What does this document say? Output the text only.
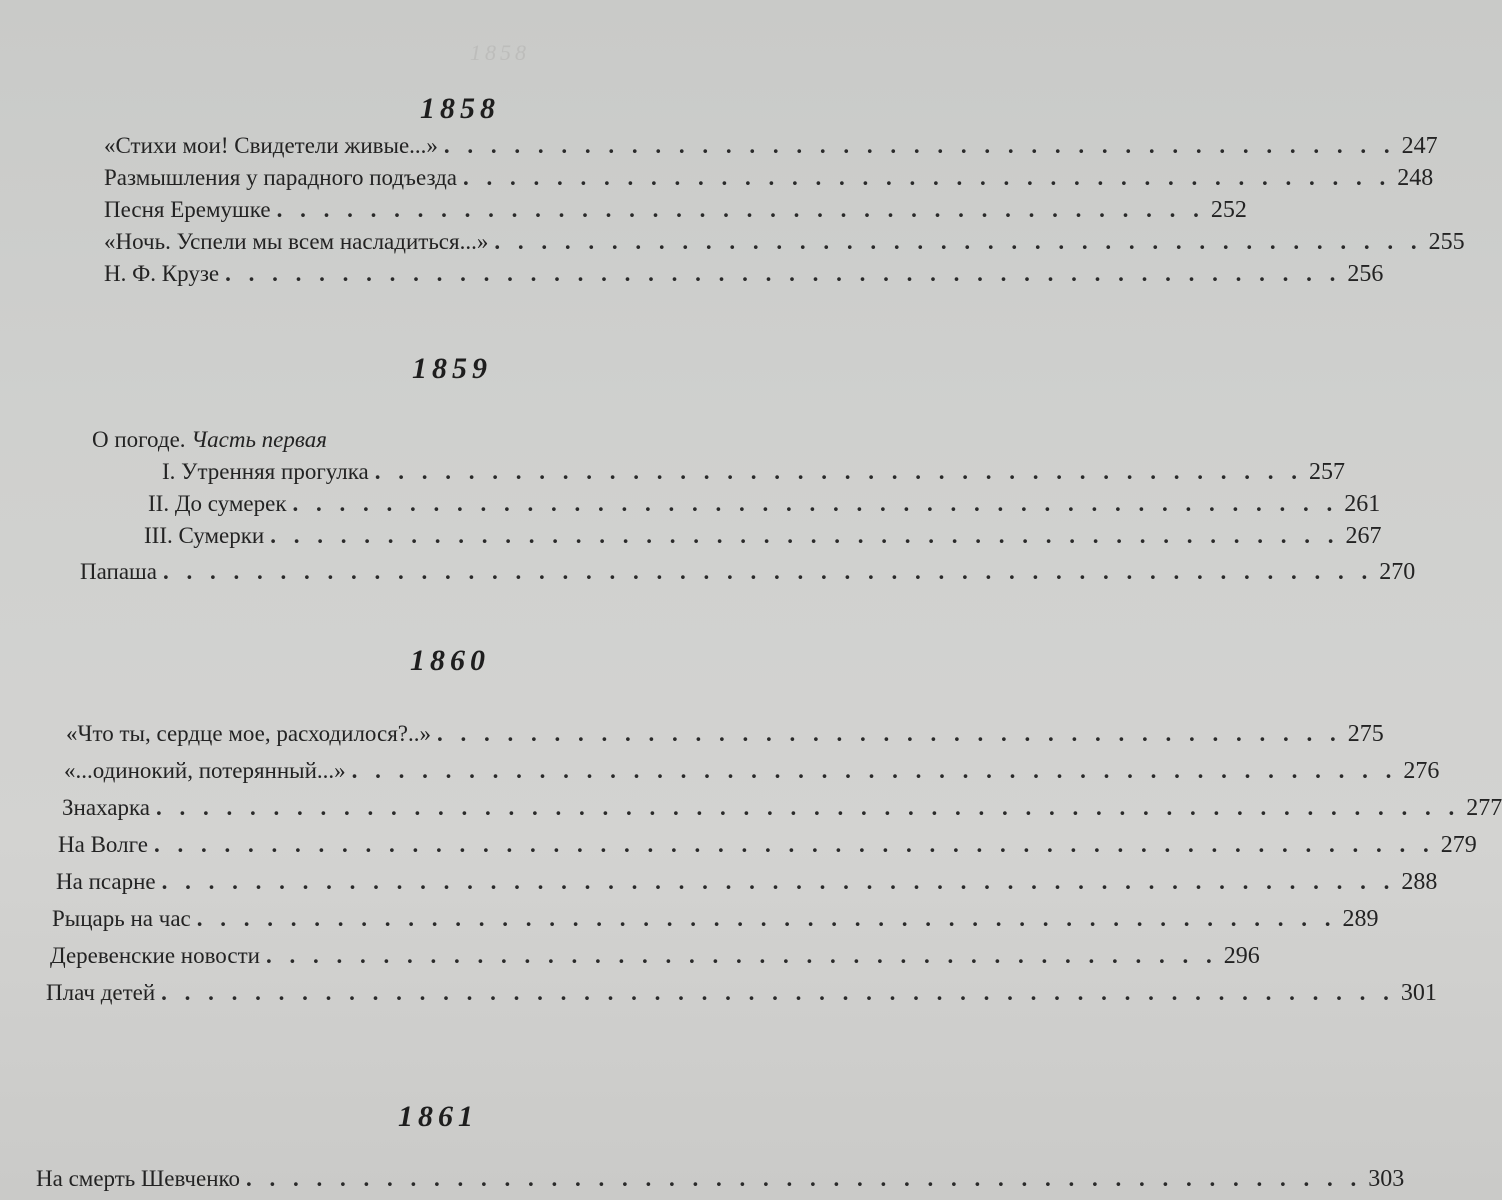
1858
1858
«Стихи мои! Свидетели живые...» . . . . . . . . . . . . . . . . . . . . . . . . . . . . . . . . . . . . . . . . . 247
Размышления у парадного подъезда . . . . . . . . . . . . . . . . . . . . . . . . . . . . . . . . . . . . . . . . 248
Песня Еремушке . . . . . . . . . . . . . . . . . . . . . . . . . . . . . . . . . . . . . . . . 252
«Ночь. Успели мы всем насладиться...» . . . . . . . . . . . . . . . . . . . . . . . . . . . . . . . . . . . . . . . . 255
Н. Ф. Крузе . . . . . . . . . . . . . . . . . . . . . . . . . . . . . . . . . . . . . . . . . . . . . . . . 256
1859
О погоде. Часть первая
I. Утренняя прогулка . . . . . . . . . . . . . . . . . . . . . . . . . . . . . . . . . . . . . . . . 257
II. До сумерек . . . . . . . . . . . . . . . . . . . . . . . . . . . . . . . . . . . . . . . . . . . . . 261
III. Сумерки . . . . . . . . . . . . . . . . . . . . . . . . . . . . . . . . . . . . . . . . . . . . . . 267
Папаша . . . . . . . . . . . . . . . . . . . . . . . . . . . . . . . . . . . . . . . . . . . . . . . . . . . . 270
1860
«Что ты, сердце мое, расходилося?..» . . . . . . . . . . . . . . . . . . . . . . . . . . . . . . . . . . . . . . . 275
«...одинокий, потерянный...» . . . . . . . . . . . . . . . . . . . . . . . . . . . . . . . . . . . . . . . . . . . . . 276
Знахарка . . . . . . . . . . . . . . . . . . . . . . . . . . . . . . . . . . . . . . . . . . . . . . . . . . . . . . . . 277
На Волге . . . . . . . . . . . . . . . . . . . . . . . . . . . . . . . . . . . . . . . . . . . . . . . . . . . . . . . 279
На псарне . . . . . . . . . . . . . . . . . . . . . . . . . . . . . . . . . . . . . . . . . . . . . . . . . . . . . 288
Рыцарь на час . . . . . . . . . . . . . . . . . . . . . . . . . . . . . . . . . . . . . . . . . . . . . . . . . 289
Деревенские новости . . . . . . . . . . . . . . . . . . . . . . . . . . . . . . . . . . . . . . . . . 296
Плач детей . . . . . . . . . . . . . . . . . . . . . . . . . . . . . . . . . . . . . . . . . . . . . . . . . . . . . 301
1861
На смерть Шевченко . . . . . . . . . . . . . . . . . . . . . . . . . . . . . . . . . . . . . . . . . . . . . . . . 303
